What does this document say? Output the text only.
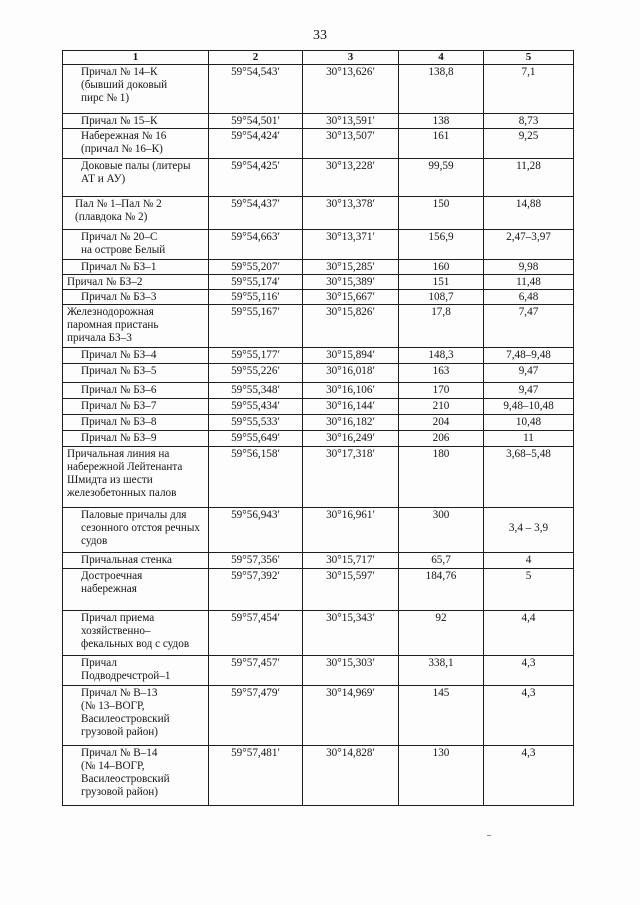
33
1	2	3	4	5

Причал № 14–К
(бывший доковый
пирс № 1)	59°54,543′	30°13,626′	138,8	7,1

Причал № 15–К	59°54,501′	30°13,591′	138	8,73

Набережная № 16
(причал № 16–К)	59°54,424′	30°13,507′	161	9,25

Доковые палы (литеры
АТ и АУ)	59°54,425′	30°13,228′	99,59	11,28

Пал № 1–Пал № 2
(плавдока № 2)	59°54,437′	30°13,378′	150	14,88

Причал № 20–С
на острове Белый	59°54,663′	30°13,371′	156,9	2,47–3,97

Причал № БЗ–1	59°55,207′	30°15,285′	160	9,98

Причал № БЗ–2	59°55,174′	30°15,389′	151	11,48

Причал № БЗ–3	59°55,116′	30°15,667′	108,7	6,48

Железнодорожная
паромная пристань
причала БЗ–3	59°55,167′	30°15,826′	17,8	7,47

Причал № БЗ–4	59°55,177′	30°15,894′	148,3	7,48–9,48

Причал № БЗ–5	59°55,226′	30°16,018′	163	9,47

Причал № БЗ–6	59°55,348′	30°16,106′	170	9,47

Причал № БЗ–7	59°55,434′	30°16,144′	210	9,48–10,48

Причал № БЗ–8	59°55,533′	30°16,182′	204	10,48

Причал № БЗ–9	59°55,649′	30°16,249′	206	11

Причальная линия на
набережной Лейтенанта
Шмидта из шести
железобетонных палов	59°56,158′	30°17,318′	180	3,68–5,48

Паловые причалы для
сезонного отстоя речных
судов	59°56,943′	30°16,961′	300	3,4 – 3,9

Причальная стенка	59°57,356′	30°15,717′	65,7	4

Достроечная
набережная	59°57,392′	30°15,597′	184,76	5

Причал приема
хозяйственно–
фекальных вод с судов	59°57,454′	30°15,343′	92	4,4

Причал
Подводречстрой–1	59°57,457′	30°15,303′	338,1	4,3

Причал № В–13
(№ 13–ВОГР,
Василеостровский
грузовой район)	59°57,479′	30°14,969′	145	4,3

Причал № В–14
(№ 14–ВОГР,
Василеостровский
грузовой район)	59°57,481′	30°14,828′	130	4,3
